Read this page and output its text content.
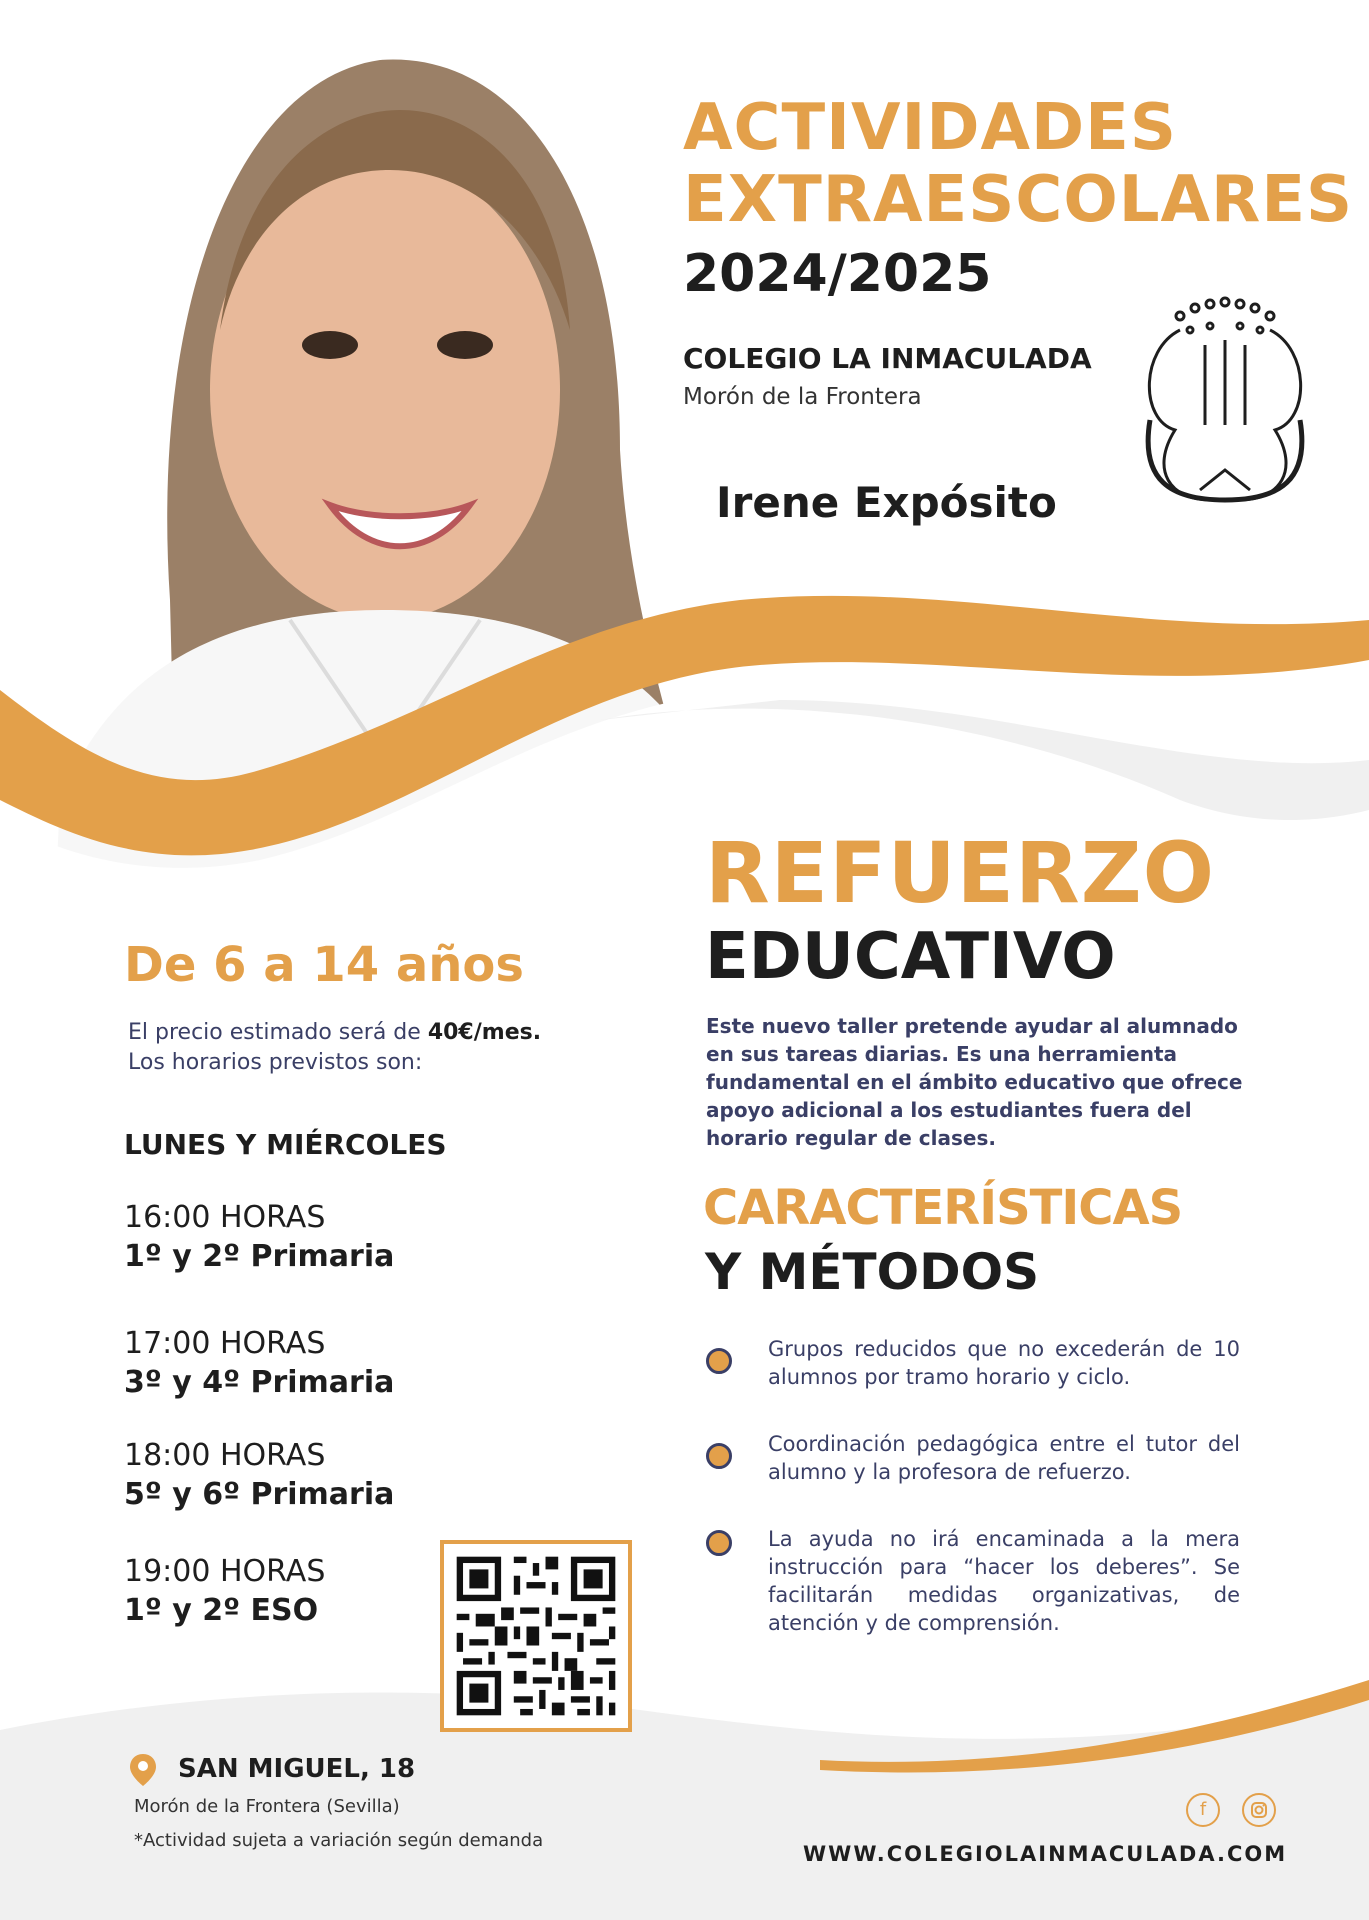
ACTIVIDADES
EXTRAESCOLARES
2024/2025
COLEGIO LA INMACULADA
Morón de la Frontera
Irene Expósito
REFUERZO
EDUCATIVO
Este nuevo taller pretende ayudar al alumnado en sus tareas diarias. Es una herramienta fundamental en el ámbito educativo que ofrece apoyo adicional a los estudiantes fuera del horario regular de clases.
CARACTERÍSTICAS
Y MÉTODOS
Grupos reducidos que no excederán de 10 alumnos por tramo horario y ciclo.
Coordinación pedagógica entre el tutor del alumno y la profesora de refuerzo.
La ayuda no irá encaminada a la mera instrucción para “hacer los deberes”. Se facilitarán medidas organizativas, de atención y de comprensión.
De 6 a 14 años
El precio estimado será de 40€/mes.
Los horarios previstos son:
LUNES Y MIÉRCOLES
16:00 HORAS
1º y 2º Primaria
17:00 HORAS
3º y 4º Primaria
18:00 HORAS
5º y 6º Primaria
19:00 HORAS
1º y 2º ESO
SAN MIGUEL, 18
Morón de la Frontera (Sevilla)
*Actividad sujeta a variación según demanda
f
WWW.COLEGIOLAINMACULADA.COM
